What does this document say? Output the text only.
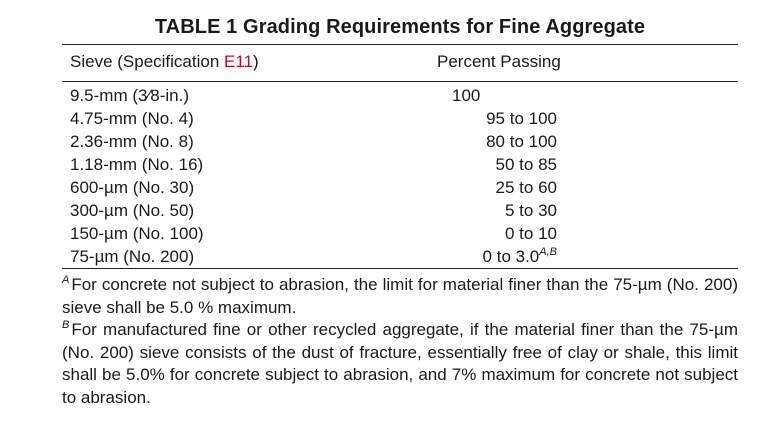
TABLE 1 Grading Requirements for Fine Aggregate
Sieve (Specification E11)	Percent Passing
9.5-mm (3⁄8-in.)	100
4.75-mm (No. 4)	95 to 100
2.36-mm (No. 8)	80 to 100
1.18-mm (No. 16)	50 to 85
600-µm (No. 30)	25 to 60
300-µm (No. 50)	5 to 30
150-µm (No. 100)	0 to 10
75-µm (No. 200)	0 to 3.0$^{A,B}$

$^A$ For concrete not subject to abrasion, the limit for material finer than the 75-µm (No. 200) sieve shall be 5.0 % maximum.

$^B$ For manufactured fine or other recycled aggregate, if the material finer than the 75-µm (No. 200) sieve consists of the dust of fracture, essentially free of clay or shale, this limit shall be 5.0% for concrete subject to abrasion, and 7% maximum for concrete not subject to abrasion.
